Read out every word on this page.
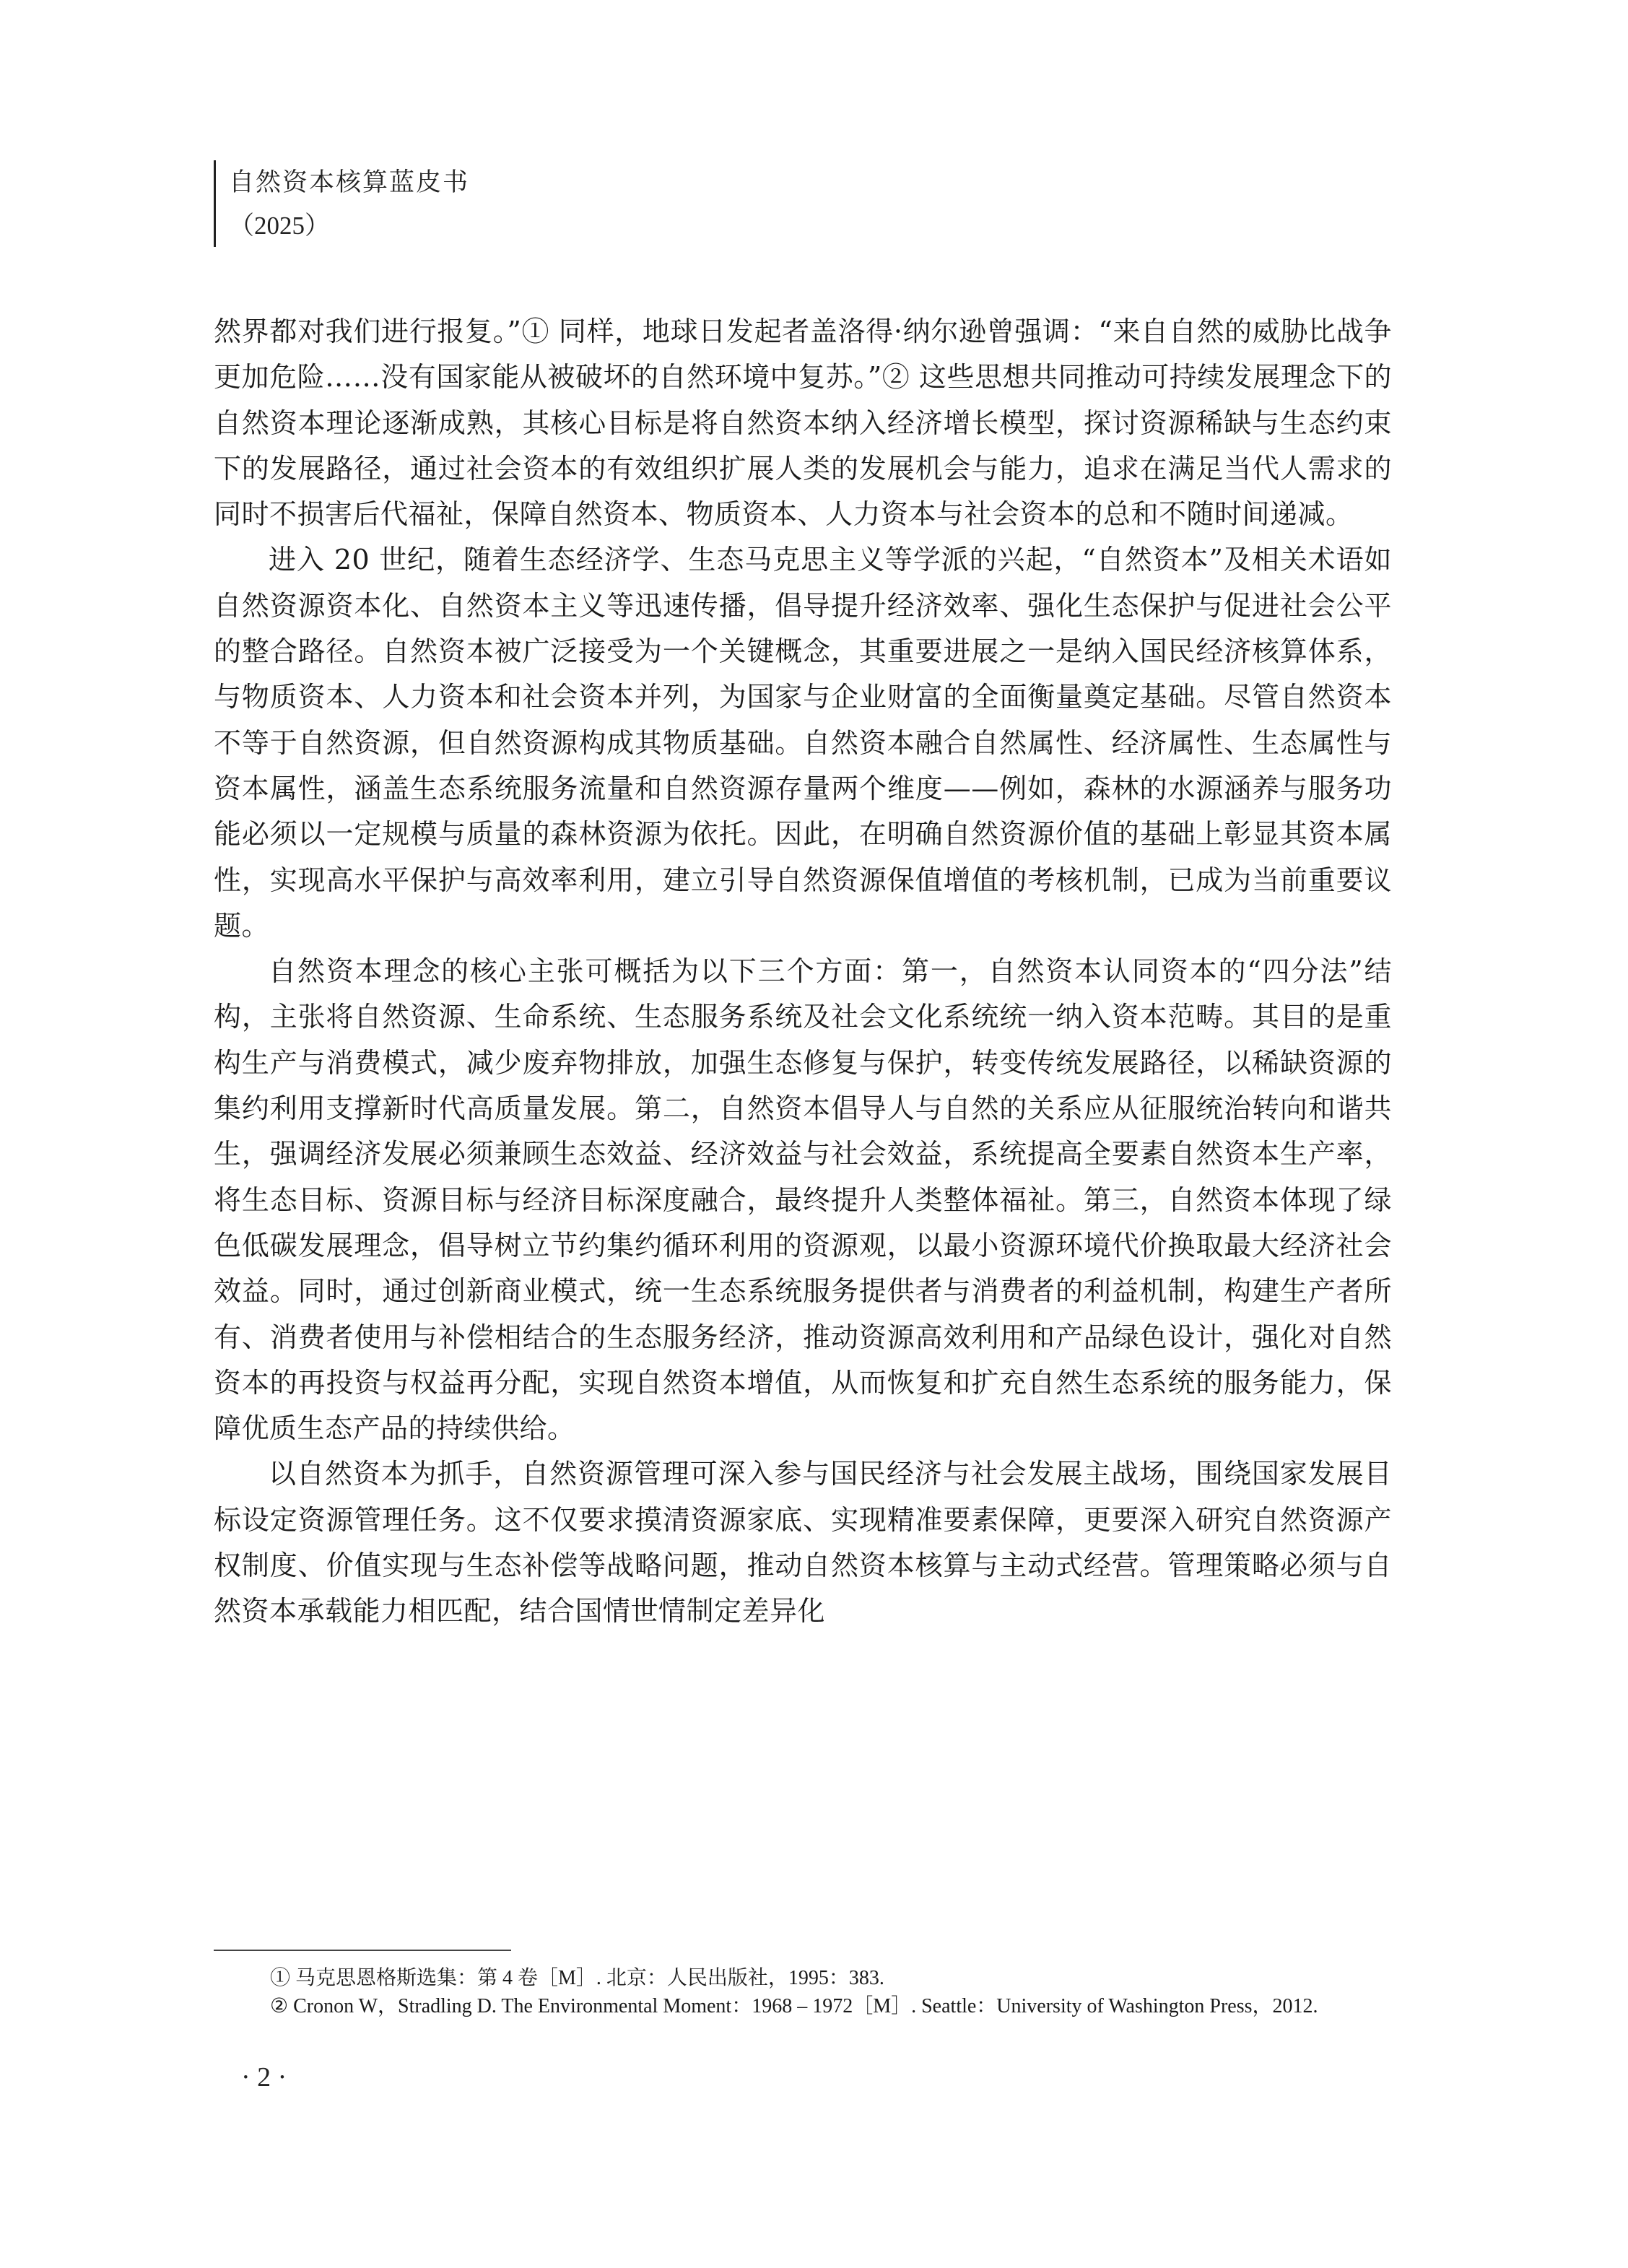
自然资本核算蓝皮书
（2025）

然界都对我们进行报复。”① 同样，地球日发起者盖洛得·纳尔逊曾强调：“来自自然的威胁比战争更加危险……没有国家能从被破坏的自然环境中复苏。”② 这些思想共同推动可持续发展理念下的自然资本理论逐渐成熟，其核心目标是将自然资本纳入经济增长模型，探讨资源稀缺与生态约束下的发展路径，通过社会资本的有效组织扩展人类的发展机会与能力，追求在满足当代人需求的同时不损害后代福祉，保障自然资本、物质资本、人力资本与社会资本的总和不随时间递减。

进入 20 世纪，随着生态经济学、生态马克思主义等学派的兴起，“自然资本”及相关术语如自然资源资本化、自然资本主义等迅速传播，倡导提升经济效率、强化生态保护与促进社会公平的整合路径。自然资本被广泛接受为一个关键概念，其重要进展之一是纳入国民经济核算体系，与物质资本、人力资本和社会资本并列，为国家与企业财富的全面衡量奠定基础。尽管自然资本不等于自然资源，但自然资源构成其物质基础。自然资本融合自然属性、经济属性、生态属性与资本属性，涵盖生态系统服务流量和自然资源存量两个维度——例如，森林的水源涵养与服务功能必须以一定规模与质量的森林资源为依托。因此，在明确自然资源价值的基础上彰显其资本属性，实现高水平保护与高效率利用，建立引导自然资源保值增值的考核机制，已成为当前重要议题。

自然资本理念的核心主张可概括为以下三个方面：第一，自然资本认同资本的“四分法”结构，主张将自然资源、生命系统、生态服务系统及社会文化系统统一纳入资本范畴。其目的是重构生产与消费模式，减少废弃物排放，加强生态修复与保护，转变传统发展路径，以稀缺资源的集约利用支撑新时代高质量发展。第二，自然资本倡导人与自然的关系应从征服统治转向和谐共生，强调经济发展必须兼顾生态效益、经济效益与社会效益，系统提高全要素自然资本生产率，将生态目标、资源目标与经济目标深度融合，最终提升人类整体福祉。第三，自然资本体现了绿色低碳发展理念，倡导树立节约集约循环利用的资源观，以最小资源环境代价换取最大经济社会效益。同时，通过创新商业模式，统一生态系统服务提供者与消费者的利益机制，构建生产者所有、消费者使用与补偿相结合的生态服务经济，推动资源高效利用和产品绿色设计，强化对自然资本的再投资与权益再分配，实现自然资本增值，从而恢复和扩充自然生态系统的服务能力，保障优质生态产品的持续供给。

以自然资本为抓手，自然资源管理可深入参与国民经济与社会发展主战场，围绕国家发展目标设定资源管理任务。这不仅要求摸清资源家底、实现精准要素保障，更要深入研究自然资源产权制度、价值实现与生态补偿等战略问题，推动自然资本核算与主动式经营。管理策略必须与自然资本承载能力相匹配，结合国情世情制定差异化

① 马克思恩格斯选集：第 4 卷［M］. 北京：人民出版社，1995：383.

② Cronon W，Stradling D. The Environmental Moment：1968 – 1972［M］. Seattle：University of Washington Press，2012.

· 2 ·
